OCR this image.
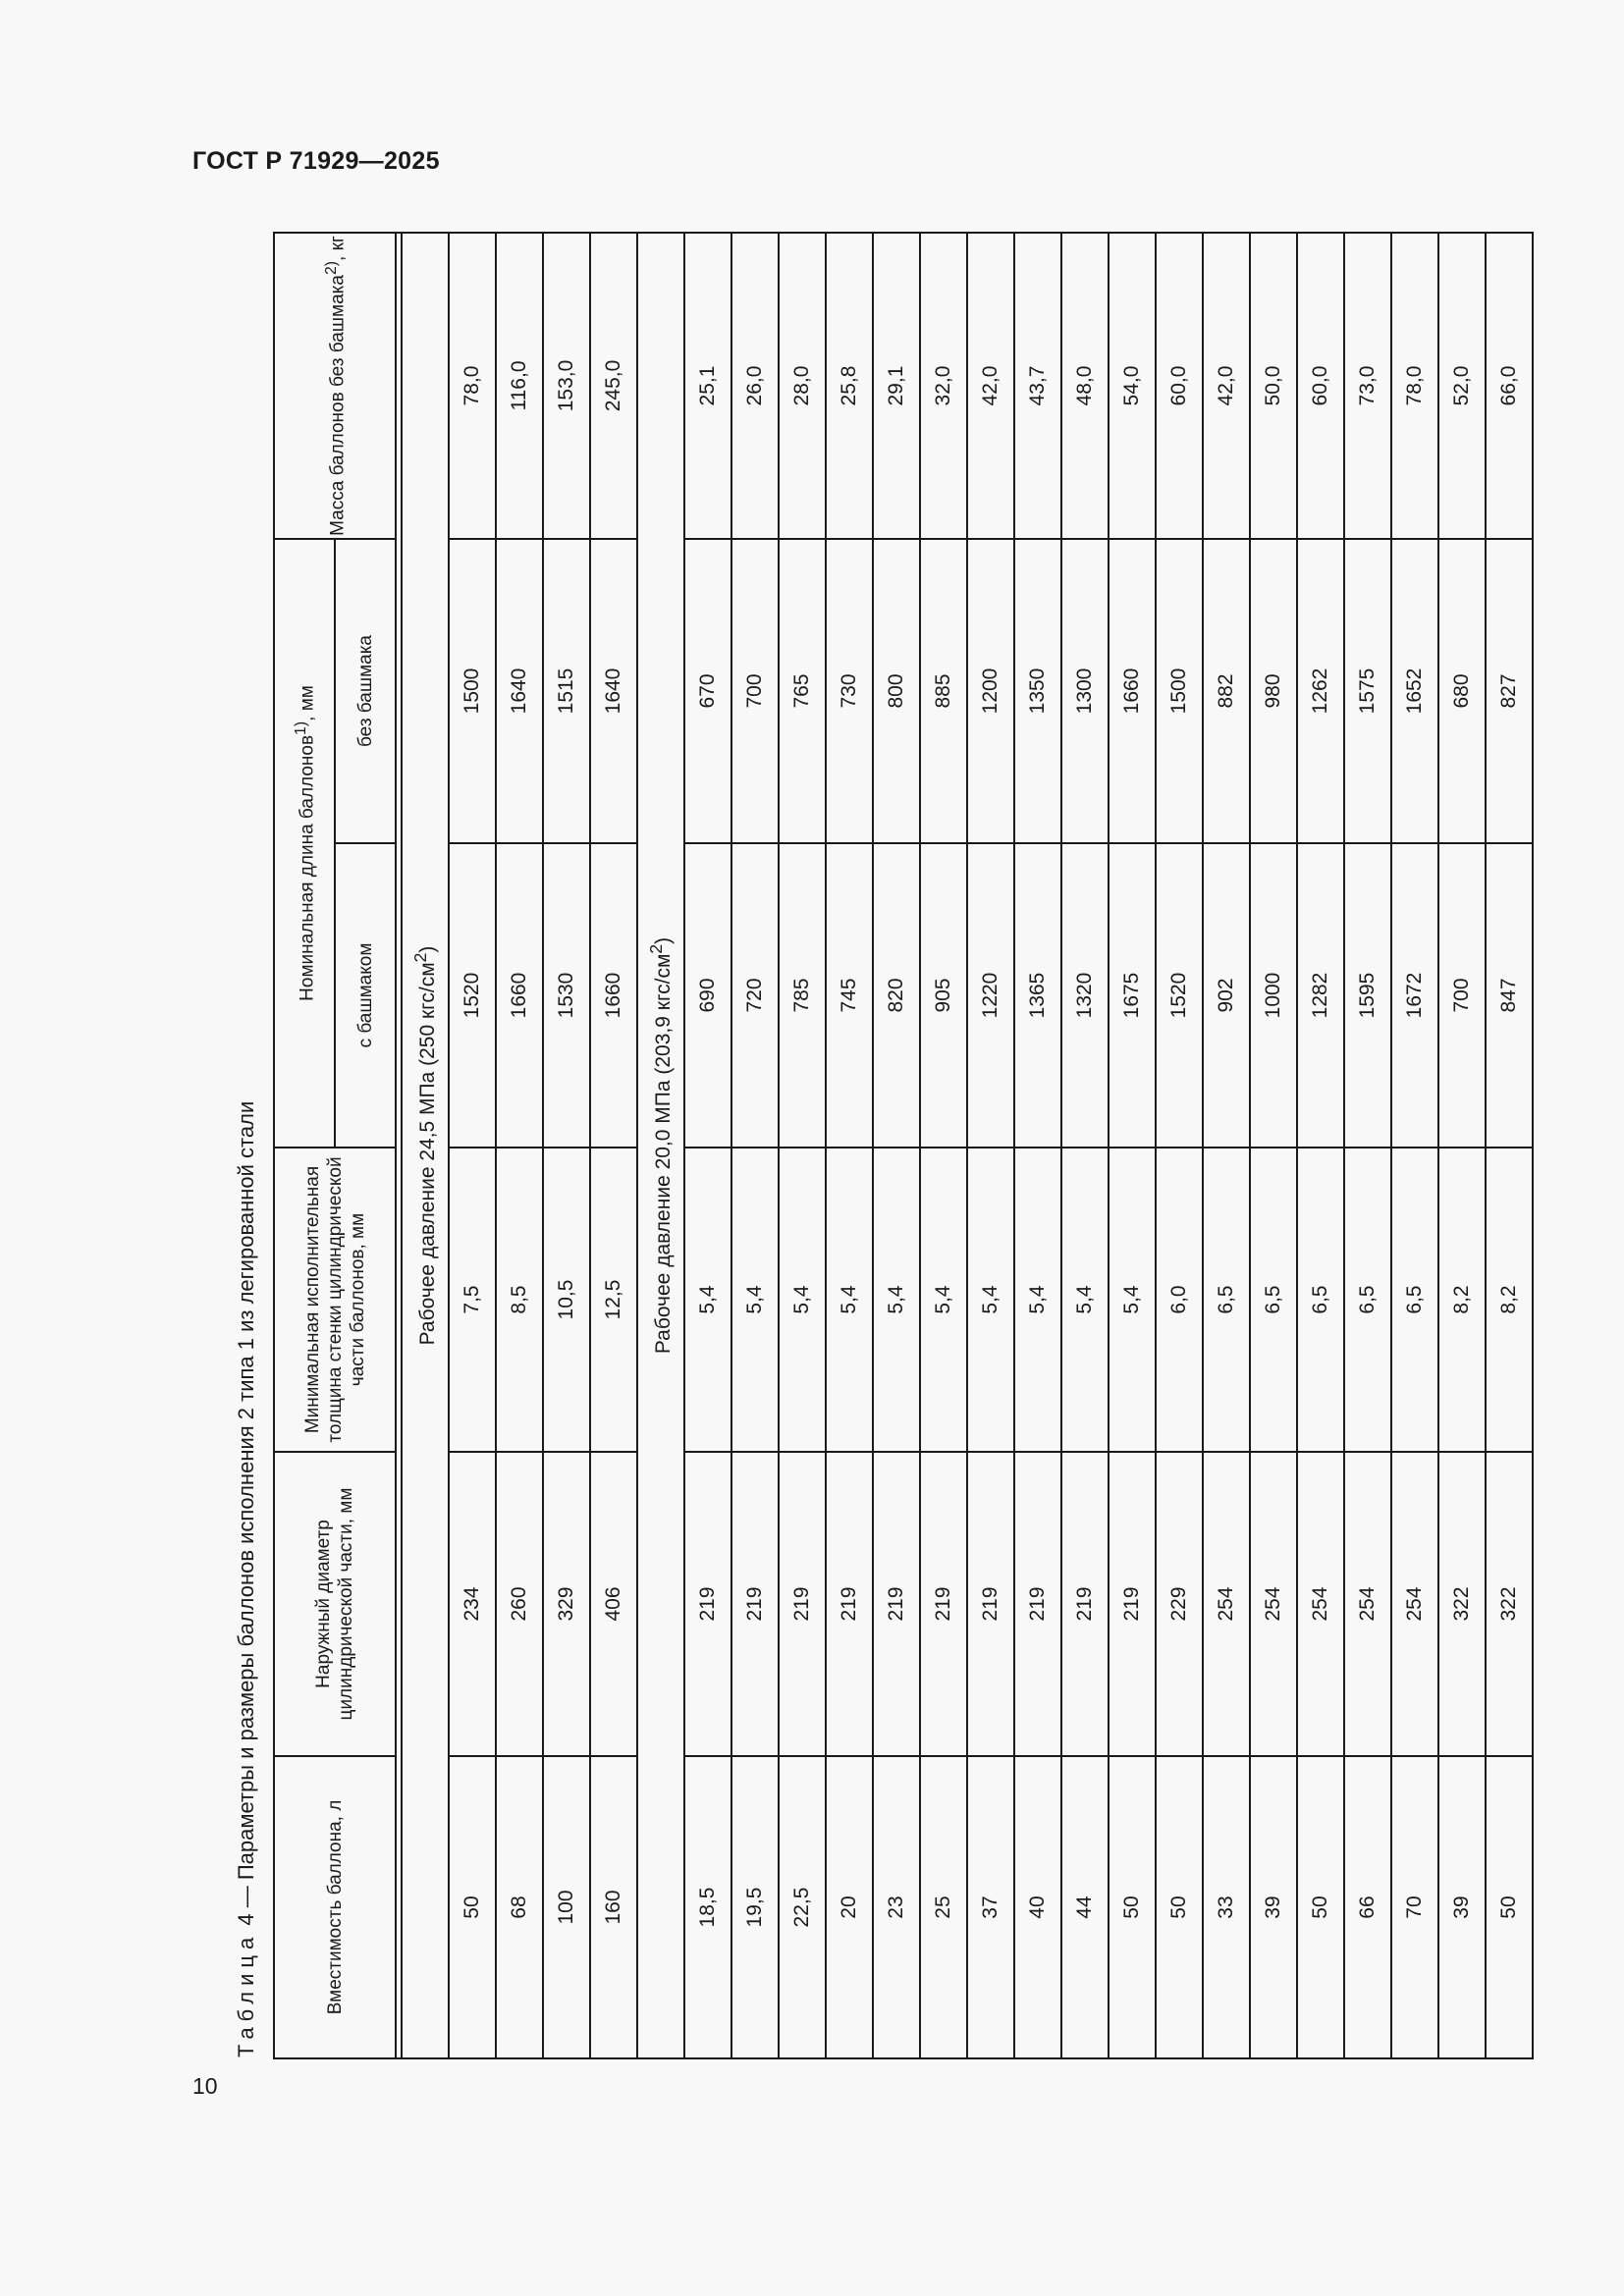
ГОСТ Р 71929—2025
10
Таблица 4 — Параметры и размеры баллонов исполнения 2 типа 1 из легированной стали	Вместимость баллона, л	Наружный диаметр цилиндрической части, мм	Минимальная исполнительная толщина стенки цилиндрической части баллонов, мм	Номинальная длина баллонов$^{1)}$, мм		Масса баллонов без башмака$^{2)}$, кг
			с башмаком	без башмака	

Рабочее давление 24,5 МПа (250 кгс/$см^2$)					
50	234	7,5	1520	1500	78,0
68	260	8,5	1660	1640	116,0
100	329	10,5	1530	1515	153,0
160	406	12,5	1660	1640	245,0
Рабочее давление 20,0 МПа (203,9 кгс/$см^2$)					
18,5	219	5,4	690	670	25,1
19,5	219	5,4	720	700	26,0
22,5	219	5,4	785	765	28,0
20	219	5,4	745	730	25,8
23	219	5,4	820	800	29,1
25	219	5,4	905	885	32,0
37	219	5,4	1220	1200	42,0
40	219	5,4	1365	1350	43,7
44	219	5,4	1320	1300	48,0
50	219	5,4	1675	1660	54,0
50	229	6,0	1520	1500	60,0
33	254	6,5	902	882	42,0
39	254	6,5	1000	980	50,0
50	254	6,5	1282	1262	60,0
66	254	6,5	1595	1575	73,0
70	254	6,5	1672	1652	78,0
39	322	8,2	700	680	52,0
50	322	8,2	847	827	66,0
